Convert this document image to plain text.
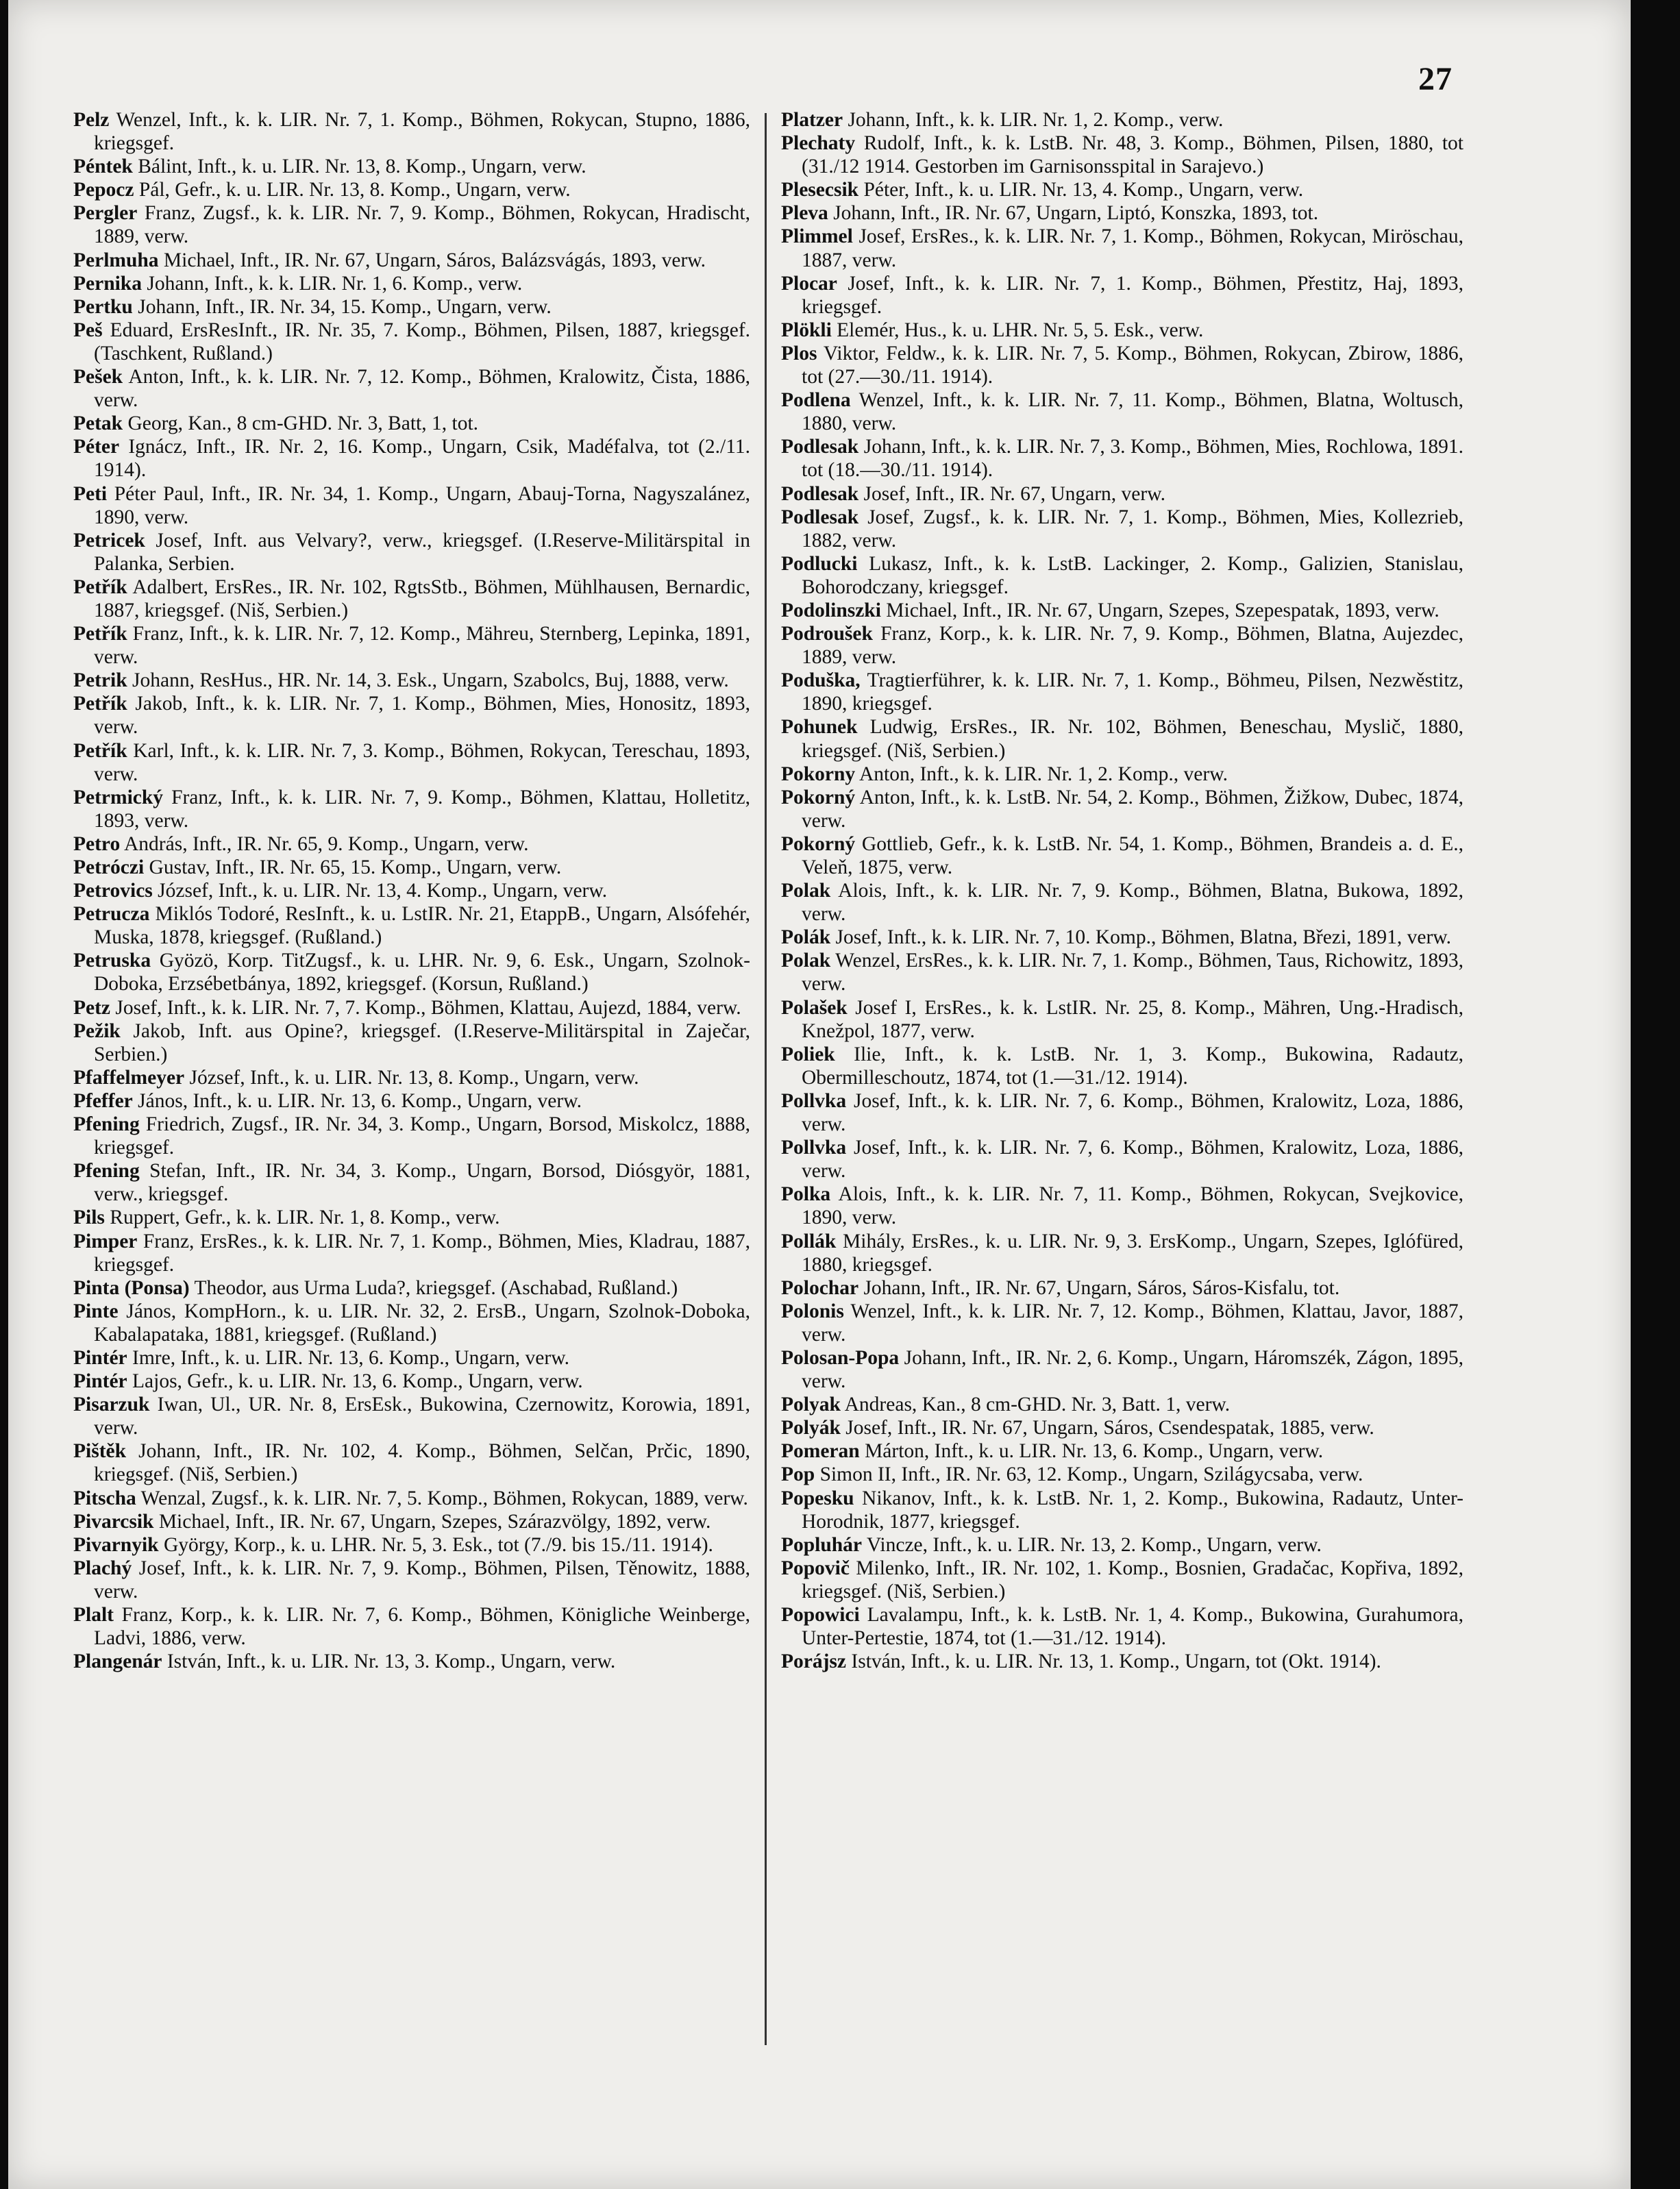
27

Pelz Wenzel, Inft., k. k. LIR. Nr. 7, 1. Komp., Böhmen, Rokycan, Stupno, 1886, kriegsgef.

Péntek Bálint, Inft., k. u. LIR. Nr. 13, 8. Komp., Ungarn, verw.

Pepocz Pál, Gefr., k. u. LIR. Nr. 13, 8. Komp., Ungarn, verw.

Pergler Franz, Zugsf., k. k. LIR. Nr. 7, 9. Komp., Böhmen, Rokycan, Hradischt, 1889, verw.

Perlmuha Michael, Inft., IR. Nr. 67, Ungarn, Sáros, Balázsvágás, 1893, verw.

Pernika Johann, Inft., k. k. LIR. Nr. 1, 6. Komp., verw.

Pertku Johann, Inft., IR. Nr. 34, 15. Komp., Ungarn, verw.

Peš Eduard, ErsResInft., IR. Nr. 35, 7. Komp., Böhmen, Pilsen, 1887, kriegsgef. (Taschkent, Rußland.)

Pešek Anton, Inft., k. k. LIR. Nr. 7, 12. Komp., Böhmen, Kralowitz, Čista, 1886, verw.

Petak Georg, Kan., 8 cm-GHD. Nr. 3, Batt, 1, tot.

Péter Ignácz, Inft., IR. Nr. 2, 16. Komp., Ungarn, Csik, Madéfalva, tot (2./11. 1914).

Peti Péter Paul, Inft., IR. Nr. 34, 1. Komp., Ungarn, Abauj-Torna, Nagyszalánez, 1890, verw.

Petricek Josef, Inft. aus Velvary?, verw., kriegsgef. (I.Reserve-Militärspital in Palanka, Serbien.

Petřík Adalbert, ErsRes., IR. Nr. 102, RgtsStb., Böhmen, Mühlhausen, Bernardic, 1887, kriegsgef. (Niš, Serbien.)

Petřík Franz, Inft., k. k. LIR. Nr. 7, 12. Komp., Mähreu, Sternberg, Lepinka, 1891, verw.

Petrik Johann, ResHus., HR. Nr. 14, 3. Esk., Ungarn, Szabolcs, Buj, 1888, verw.

Petřík Jakob, Inft., k. k. LIR. Nr. 7, 1. Komp., Böhmen, Mies, Honositz, 1893, verw.

Petřík Karl, Inft., k. k. LIR. Nr. 7, 3. Komp., Böhmen, Rokycan, Tereschau, 1893, verw.

Petrmický Franz, Inft., k. k. LIR. Nr. 7, 9. Komp., Böhmen, Klattau, Holletitz, 1893, verw.

Petro András, Inft., IR. Nr. 65, 9. Komp., Ungarn, verw.

Petróczi Gustav, Inft., IR. Nr. 65, 15. Komp., Ungarn, verw.

Petrovics József, Inft., k. u. LIR. Nr. 13, 4. Komp., Ungarn, verw.

Petrucza Miklós Todoré, ResInft., k. u. LstIR. Nr. 21, EtappB., Ungarn, Alsófehér, Muska, 1878, kriegsgef. (Rußland.)

Petruska Gyözö, Korp. TitZugsf., k. u. LHR. Nr. 9, 6. Esk., Ungarn, Szolnok-Doboka, Erzsébetbánya, 1892, kriegsgef. (Korsun, Rußland.)

Petz Josef, Inft., k. k. LIR. Nr. 7, 7. Komp., Böhmen, Klattau, Aujezd, 1884, verw.

Pežik Jakob, Inft. aus Opine?, kriegsgef. (I.Reserve-Militärspital in Zaječar, Serbien.)

Pfaffelmeyer József, Inft., k. u. LIR. Nr. 13, 8. Komp., Ungarn, verw.

Pfeffer János, Inft., k. u. LIR. Nr. 13, 6. Komp., Ungarn, verw.

Pfening Friedrich, Zugsf., IR. Nr. 34, 3. Komp., Ungarn, Borsod, Miskolcz, 1888, kriegsgef.

Pfening Stefan, Inft., IR. Nr. 34, 3. Komp., Ungarn, Borsod, Diósgyör, 1881, verw., kriegsgef.

Pils Ruppert, Gefr., k. k. LIR. Nr. 1, 8. Komp., verw.

Pimper Franz, ErsRes., k. k. LIR. Nr. 7, 1. Komp., Böhmen, Mies, Kladrau, 1887, kriegsgef.

Pinta (Ponsa) Theodor, aus Urma Luda?, kriegsgef. (Aschabad, Rußland.)

Pinte János, KompHorn., k. u. LIR. Nr. 32, 2. ErsB., Ungarn, Szolnok-Doboka, Kabalapataka, 1881, kriegsgef. (Rußland.)

Pintér Imre, Inft., k. u. LIR. Nr. 13, 6. Komp., Ungarn, verw.

Pintér Lajos, Gefr., k. u. LIR. Nr. 13, 6. Komp., Ungarn, verw.

Pisarzuk Iwan, Ul., UR. Nr. 8, ErsEsk., Bukowina, Czernowitz, Korowia, 1891, verw.

Pištěk Johann, Inft., IR. Nr. 102, 4. Komp., Böhmen, Selčan, Prčic, 1890, kriegsgef. (Niš, Serbien.)

Pitscha Wenzal, Zugsf., k. k. LIR. Nr. 7, 5. Komp., Böhmen, Rokycan, 1889, verw.

Pivarcsik Michael, Inft., IR. Nr. 67, Ungarn, Szepes, Szárazvölgy, 1892, verw.

Pivarnyik György, Korp., k. u. LHR. Nr. 5, 3. Esk., tot (7./9. bis 15./11. 1914).

Plachý Josef, Inft., k. k. LIR. Nr. 7, 9. Komp., Böhmen, Pilsen, Těnowitz, 1888, verw.

Plalt Franz, Korp., k. k. LIR. Nr. 7, 6. Komp., Böhmen, Königliche Weinberge, Ladvi, 1886, verw.

Plangenár István, Inft., k. u. LIR. Nr. 13, 3. Komp., Ungarn, verw.

Platzer Johann, Inft., k. k. LIR. Nr. 1, 2. Komp., verw.

Plechaty Rudolf, Inft., k. k. LstB. Nr. 48, 3. Komp., Böhmen, Pilsen, 1880, tot (31./12 1914. Gestorben im Garnisonsspital in Sarajevo.)

Plesecsik Péter, Inft., k. u. LIR. Nr. 13, 4. Komp., Ungarn, verw.

Pleva Johann, Inft., IR. Nr. 67, Ungarn, Liptó, Konszka, 1893, tot.

Plimmel Josef, ErsRes., k. k. LIR. Nr. 7, 1. Komp., Böhmen, Rokycan, Miröschau, 1887, verw.

Plocar Josef, Inft., k. k. LIR. Nr. 7, 1. Komp., Böhmen, Přestitz, Haj, 1893, kriegsgef.

Plökli Elemér, Hus., k. u. LHR. Nr. 5, 5. Esk., verw.

Plos Viktor, Feldw., k. k. LIR. Nr. 7, 5. Komp., Böhmen, Rokycan, Zbirow, 1886, tot (27.—30./11. 1914).

Podlena Wenzel, Inft., k. k. LIR. Nr. 7, 11. Komp., Böhmen, Blatna, Woltusch, 1880, verw.

Podlesak Johann, Inft., k. k. LIR. Nr. 7, 3. Komp., Böhmen, Mies, Rochlowa, 1891. tot (18.—30./11. 1914).

Podlesak Josef, Inft., IR. Nr. 67, Ungarn, verw.

Podlesak Josef, Zugsf., k. k. LIR. Nr. 7, 1. Komp., Böhmen, Mies, Kollezrieb, 1882, verw.

Podlucki Lukasz, Inft., k. k. LstB. Lackinger, 2. Komp., Galizien, Stanislau, Bohorodczany, kriegsgef.

Podolinszki Michael, Inft., IR. Nr. 67, Ungarn, Szepes, Szepespatak, 1893, verw.

Podroušek Franz, Korp., k. k. LIR. Nr. 7, 9. Komp., Böhmen, Blatna, Aujezdec, 1889, verw.

Poduška, Tragtierführer, k. k. LIR. Nr. 7, 1. Komp., Böhmeu, Pilsen, Nezwěstitz, 1890, kriegsgef.

Pohunek Ludwig, ErsRes., IR. Nr. 102, Böhmen, Beneschau, Myslič, 1880, kriegsgef. (Niš, Serbien.)

Pokorny Anton, Inft., k. k. LIR. Nr. 1, 2. Komp., verw.

Pokorný Anton, Inft., k. k. LstB. Nr. 54, 2. Komp., Böhmen, Žižkow, Dubec, 1874, verw.

Pokorný Gottlieb, Gefr., k. k. LstB. Nr. 54, 1. Komp., Böhmen, Brandeis a. d. E., Veleň, 1875, verw.

Polak Alois, Inft., k. k. LIR. Nr. 7, 9. Komp., Böhmen, Blatna, Bukowa, 1892, verw.

Polák Josef, Inft., k. k. LIR. Nr. 7, 10. Komp., Böhmen, Blatna, Březi, 1891, verw.

Polak Wenzel, ErsRes., k. k. LIR. Nr. 7, 1. Komp., Böhmen, Taus, Richowitz, 1893, verw.

Polašek Josef I, ErsRes., k. k. LstIR. Nr. 25, 8. Komp., Mähren, Ung.-Hradisch, Knežpol, 1877, verw.

Poliek Ilie, Inft., k. k. LstB. Nr. 1, 3. Komp., Bukowina, Radautz, Obermilleschoutz, 1874, tot (1.—31./12. 1914).

Pollvka Josef, Inft., k. k. LIR. Nr. 7, 6. Komp., Böhmen, Kralowitz, Loza, 1886, verw.

Pollvka Josef, Inft., k. k. LIR. Nr. 7, 6. Komp., Böhmen, Kralowitz, Loza, 1886, verw.

Polka Alois, Inft., k. k. LIR. Nr. 7, 11. Komp., Böhmen, Rokycan, Svejkovice, 1890, verw.

Pollák Mihály, ErsRes., k. u. LIR. Nr. 9, 3. ErsKomp., Ungarn, Szepes, Iglófüred, 1880, kriegsgef.

Polochar Johann, Inft., IR. Nr. 67, Ungarn, Sáros, Sáros-Kisfalu, tot.

Polonis Wenzel, Inft., k. k. LIR. Nr. 7, 12. Komp., Böhmen, Klattau, Javor, 1887, verw.

Polosan-Popa Johann, Inft., IR. Nr. 2, 6. Komp., Ungarn, Háromszék, Zágon, 1895, verw.

Polyak Andreas, Kan., 8 cm-GHD. Nr. 3, Batt. 1, verw.

Polyák Josef, Inft., IR. Nr. 67, Ungarn, Sáros, Csendespatak, 1885, verw.

Pomeran Márton, Inft., k. u. LIR. Nr. 13, 6. Komp., Ungarn, verw.

Pop Simon II, Inft., IR. Nr. 63, 12. Komp., Ungarn, Szilágycsaba, verw.

Popesku Nikanov, Inft., k. k. LstB. Nr. 1, 2. Komp., Bukowina, Radautz, Unter-Horodnik, 1877, kriegsgef.

Popluhár Vincze, Inft., k. u. LIR. Nr. 13, 2. Komp., Ungarn, verw.

Popovič Milenko, Inft., IR. Nr. 102, 1. Komp., Bosnien, Gradačac, Kopřiva, 1892, kriegsgef. (Niš, Serbien.)

Popowici Lavalampu, Inft., k. k. LstB. Nr. 1, 4. Komp., Bukowina, Gurahumora, Unter-Pertestie, 1874, tot (1.—31./12. 1914).

Porájsz István, Inft., k. u. LIR. Nr. 13, 1. Komp., Ungarn, tot (Okt. 1914).
